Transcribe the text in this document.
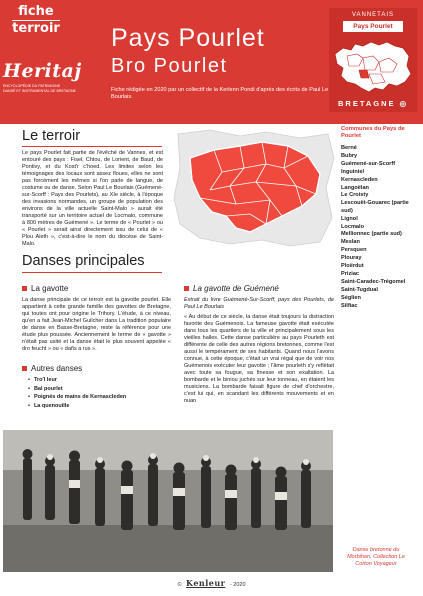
fiche
terroir
Heritaj
ENCYCLOPÉDIE DU PATRIMOINE
DANSÉ ET INSTRUMENTAL DE BRETAGNE
Pays Pourlet
Bro Pourlet
Fiche rédigée en 2020 par un collectif de la Kerlenn Pondi d'après des écrits de Paul Le Bourlais.
VANNETAIS
Pays Pourlet
BRETAGNE ◎
Le terroir

Le pays Pourlet fait partie de l'évêché de Vannes, et est entouré des pays : Fisel, Chtou, de Lorient, de Baud, de Pontivy, et du Kost'r c'hoed. Les limites selon les témoignages des locaux sont assez floues, elles ne sont pas forcément les mêmes si l'on parle de langue, de costume ou de danse. Selon Paul Le Bourlais (Guémené-sur-Scorff : Pays des Pourlets), au XIe siècle, à l'époque des invasions normandes, un groupe de population des environs de la ville actuelle Saint-Malo » aurait été transporté sur un territoire actuel de Locmalo, commune à 800 mètres de Guémené ». Le terme de « Pourlet » ou « Pourlet » serait ainsi directement issu de celui de « Plou Aleth », c'est-à-dire le nom du diocèse de Saint-Malo.

Communes du Pays de Pourlet
Berné
Bubry
Guémené-sur-Scorff
Inguiniel
Kernascleden
Langoëlan
Le Croisty
Lescouët-Gouarec (partie sud)
Lignol
Locmalo
Mellionnec (partie sud)
Meslan
Persquen
Plouray
Ploërdut
Priziac
Saint-Caradec-Trégomel
Saint-Tugdual
Séglien
Silfiac
Danses principales
La gavotte

La danse principale de ce terroir est la gavotte pourlet. Elle appartient à cette grande famille des gavottes de Bretagne, qui toutes ont pour origine le Trihory. L'étude, à ce niveau, qu'en a fait Jean-Michel Guilcher dans La tradition populaire de danse en Basse-Bretagne, reste la référence pour une étude plus poussée. Anciennement le terme de « gavotte » n'était pas usité et la danse était le plus souvent appelée « dro feucht » ou « dañs a rus ».

Autres danses
• Tro'l leur
• Bal pourlet
• Poignés de mains de Kernascleden
• La quenouille
La gavotte de Guémené

Extrait du livre Guémené-Sur-Scorff, pays des Pourlets, de Paul Le Bourlais

« Au début de ce siècle, la danse était toujours la distraction favorite des Guémenois. La fameuse gavotte était exécutée dans tous les quartiers de la ville et principalement sous les vieilles halles. Cette danse particulière au pays Pourleth est différente de celle des autres régions bretonnes, comme l'est aussi le tempérament de ses habitants. Quand nous l'avons connue, à cette époque, c'était un vrai régal que de voir nos Guémenois exécuter leur gavotte ; l'âme pourleth s'y reflétait avec toute sa fougue, sa finesse et son exaltation. La bombarde et le biniou juchés sur leur tonneau, en étaient les musiciens. La bombarde faisait figure de chef d'orchestre, c'est lui qui, en scandant les différents mouvements et en nuan

Danse bretonne du Morbihan. Collection Le Corton Voyageur
© Kenleur - 2020
